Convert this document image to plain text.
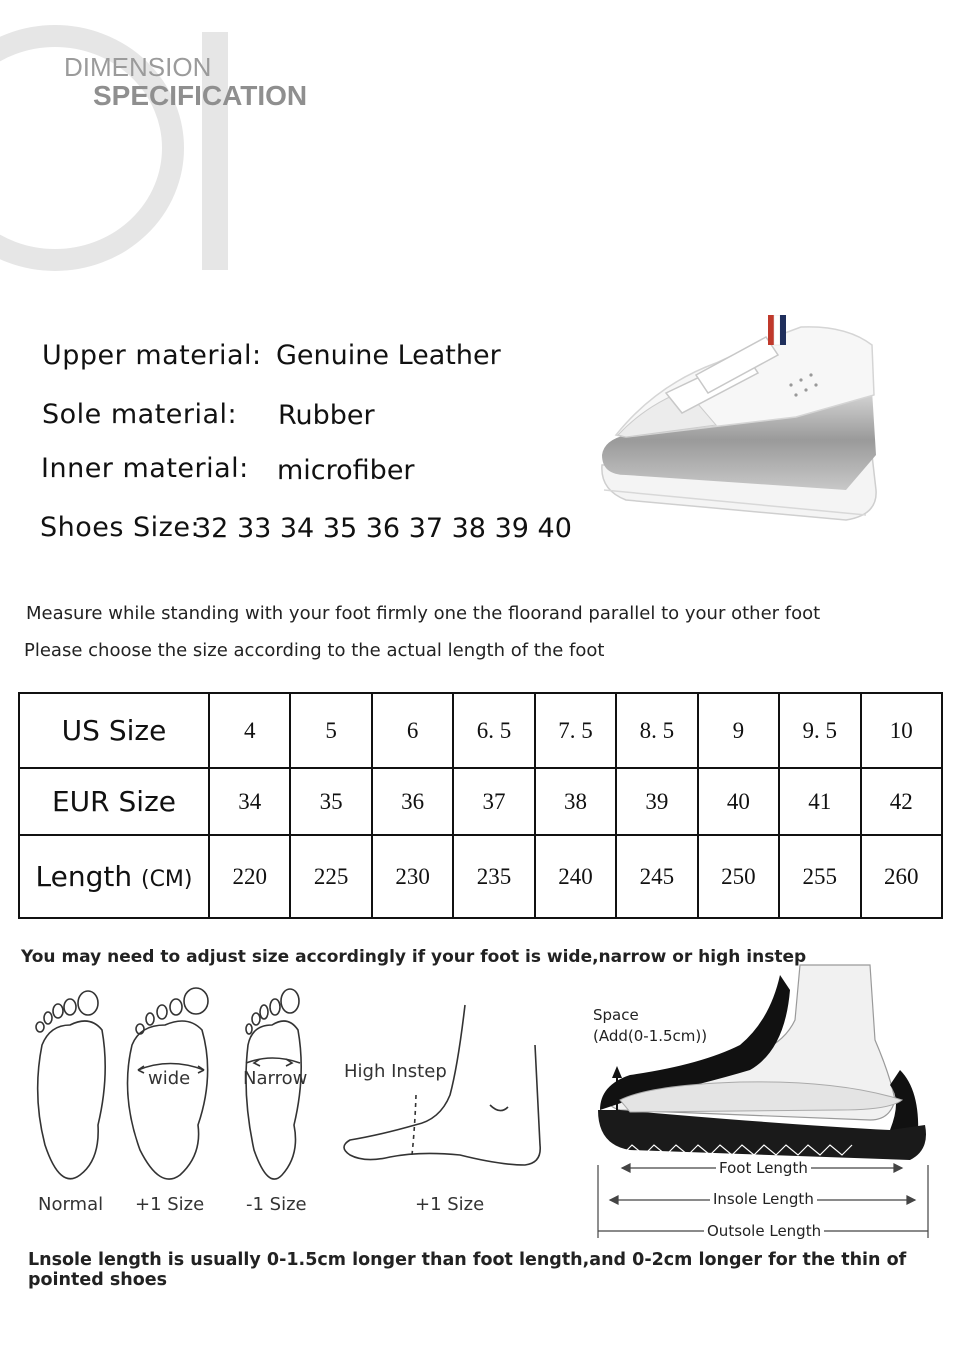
DIMENSION
SPECIFICATION
Upper material: Genuine Leather
Sole material: Rubber
Inner material: microfiber
Shoes Size:
32 33 34 35 36 37 38 39 40
Measure while standing with your foot firmly one the floorand parallel to your other foot
Please choose the size according to the actual length of the foot
US Size	4	5	6	6. 5	7. 5	8. 5	9	9. 5	10
EUR Size	34	35	36	37	38	39	40	41	42
Length (CM)	220	225	230	235	240	245	250	255	260
You may need to adjust size accordingly if your foot is wide,narrow or high instep
wide	Narrow High Instep
Normal +1 Size -1 Size	+1 Size
Space
(Add(0-1.5cm))
Foot Length
Insole Length
Outsole Length
Lnsole length is usually 0-1.5cm longer than foot length,and 0-2cm longer for the thin of pointed shoes
